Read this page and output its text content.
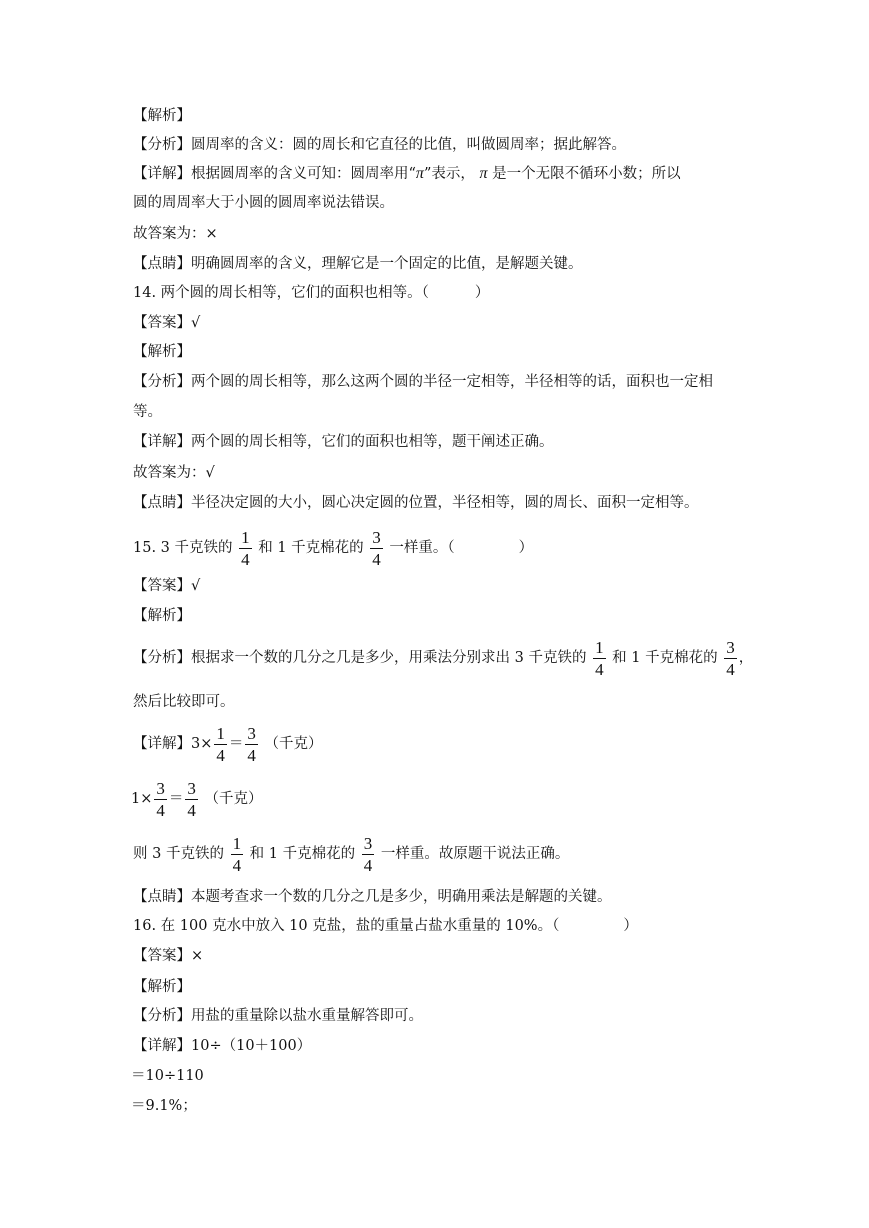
【解析】
【分析】圆周率的含义：圆的周长和它直径的比值，叫做圆周率；据此解答。
【详解】根据圆周率的含义可知：圆周率用“π”表示， π 是一个无限不循环小数；所以
圆的周周率大于小圆的圆周率说法错误。
故答案为：×
【点睛】明确圆周率的含义，理解它是一个固定的比值，是解题关键。
14. 两个圆的周长相等，它们的面积也相等。（	）
【答案】√
【解析】
【分析】两个圆的周长相等，那么这两个圆的半径一定相等，半径相等的话，面积也一定相
等。
【详解】两个圆的周长相等，它们的面积也相等，题干阐述正确。
故答案为：√
【点睛】半径决定圆的大小，圆心决定圆的位置，半径相等，圆的周长、面积一定相等。
15. 3 千克铁的 $\frac{1}{4}$ 和 1 千克棉花的 $\frac{3}{4}$ 一样重。（	）
【答案】√
【解析】
【分析】根据求一个数的几分之几是多少，用乘法分别求出 3 千克铁的 $\frac{1}{4}$ 和 1 千克棉花的 $\frac{3}{4}$ ，
然后比较即可。
【详解】$3\times \frac{1}{4} = \frac{3}{4}$ （千克）
$1\times \frac{3}{4} = \frac{3}{4}$ （千克）
则 3 千克铁的 $\frac{1}{4}$ 和 1 千克棉花的 $\frac{3}{4}$ 一样重。故原题干说法正确。
【点睛】本题考查求一个数的几分之几是多少，明确用乘法是解题的关键。
16. 在 100 克水中放入 10 克盐，盐的重量占盐水重量的 10%。（	）
【答案】×
【解析】
【分析】用盐的重量除以盐水重量解答即可。
【详解】10÷（10＋100）
＝10÷110
＝9.1%；
